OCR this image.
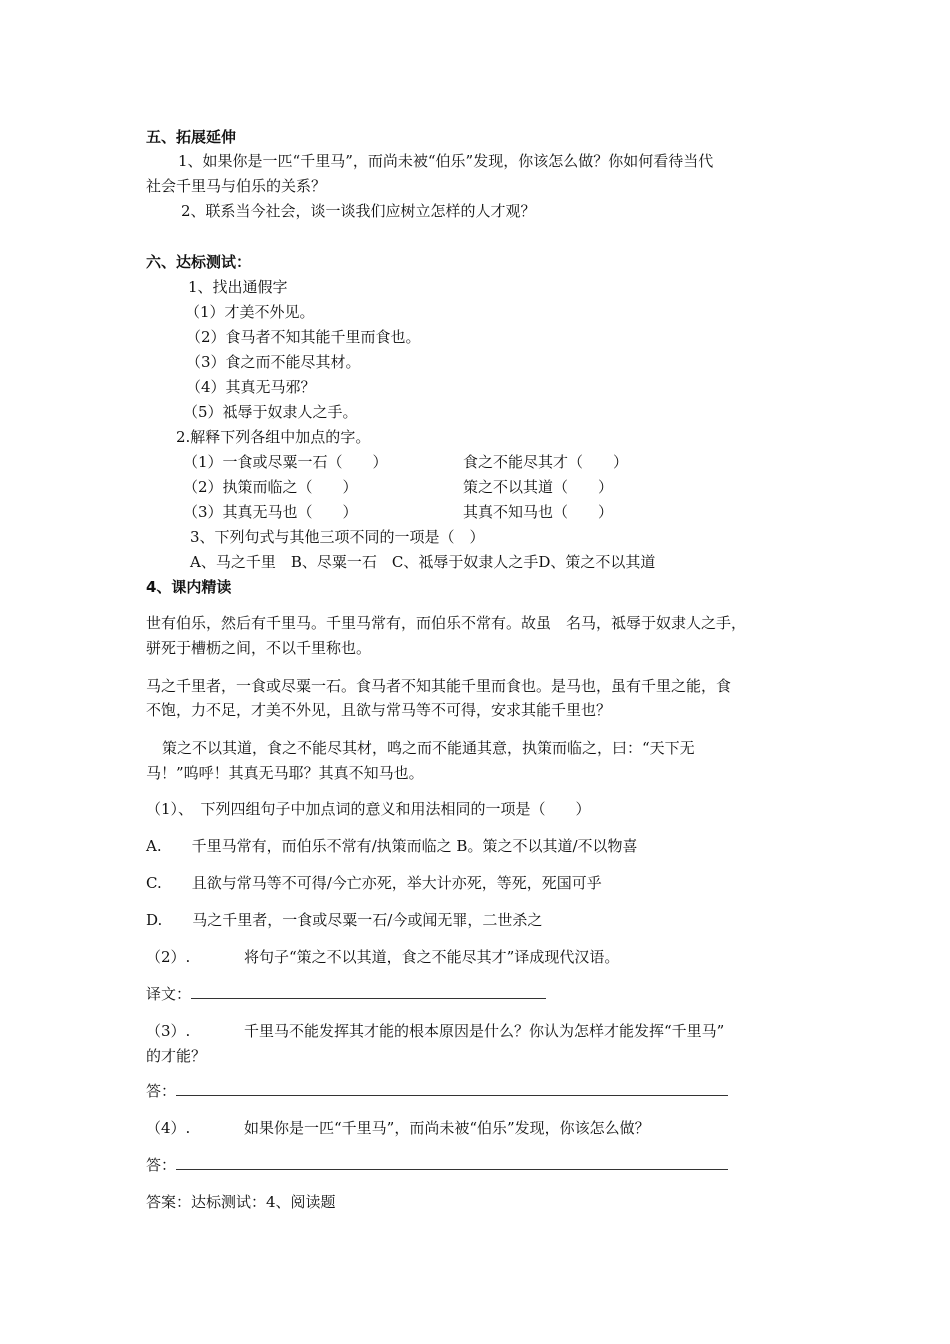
五、拓展延伸
1、如果你是一匹“千里马”，而尚未被“伯乐”发现，你该怎么做？你如何看待当代
社会千里马与伯乐的关系？
2、联系当今社会，谈一谈我们应树立怎样的人才观？
六、达标测试：
1、找出通假字
（1）才美不外见。
（2）食马者不知其能千里而食也。
（3）食之而不能尽其材。
（4）其真无马邪？
（5）祗辱于奴隶人之手。
2.解释下列各组中加点的字。
（1）一食或尽粟一石（　　）	食之不能尽其才（　　）
（2）执策而临之（　　）	策之不以其道（　　）
（3）其真无马也（　　）	其真不知马也（　　）
3、下列句式与其他三项不同的一项是（　）
A、马之千里　B、尽粟一石　C、祗辱于奴隶人之手D、策之不以其道
4、课内精读
世有伯乐，然后有千里马。千里马常有，而伯乐不常有。故虽　名马，祗辱于奴隶人之手，
骈死于槽枥之间，不以千里称也。
马之千里者，一食或尽粟一石。食马者不知其能千里而食也。是马也，虽有千里之能，食
不饱，力不足，才美不外见，且欲与常马等不可得，安求其能千里也？
策之不以其道，食之不能尽其材，鸣之而不能通其意，执策而临之，曰：“天下无
马！”呜呼！其真无马耶？其真不知马也。
（1）、　下列四组句子中加点词的意义和用法相同的一项是（　　）
A.　　千里马常有，而伯乐不常有/执策而临之 B。策之不以其道/不以物喜
C.　　且欲与常马等不可得/今亡亦死，举大计亦死，等死，死国可乎
D.　　马之千里者，一食或尽粟一石/今或闻无罪，二世杀之
（2）.	将句子“策之不以其道，食之不能尽其才”译成现代汉语。
译文：
（3）.	千里马不能发挥其才能的根本原因是什么？你认为怎样才能发挥“千里马”
的才能？
答：
（4）.	如果你是一匹“千里马”，而尚未被“伯乐”发现，你该怎么做？
答：
答案：达标测试：4、阅读题
